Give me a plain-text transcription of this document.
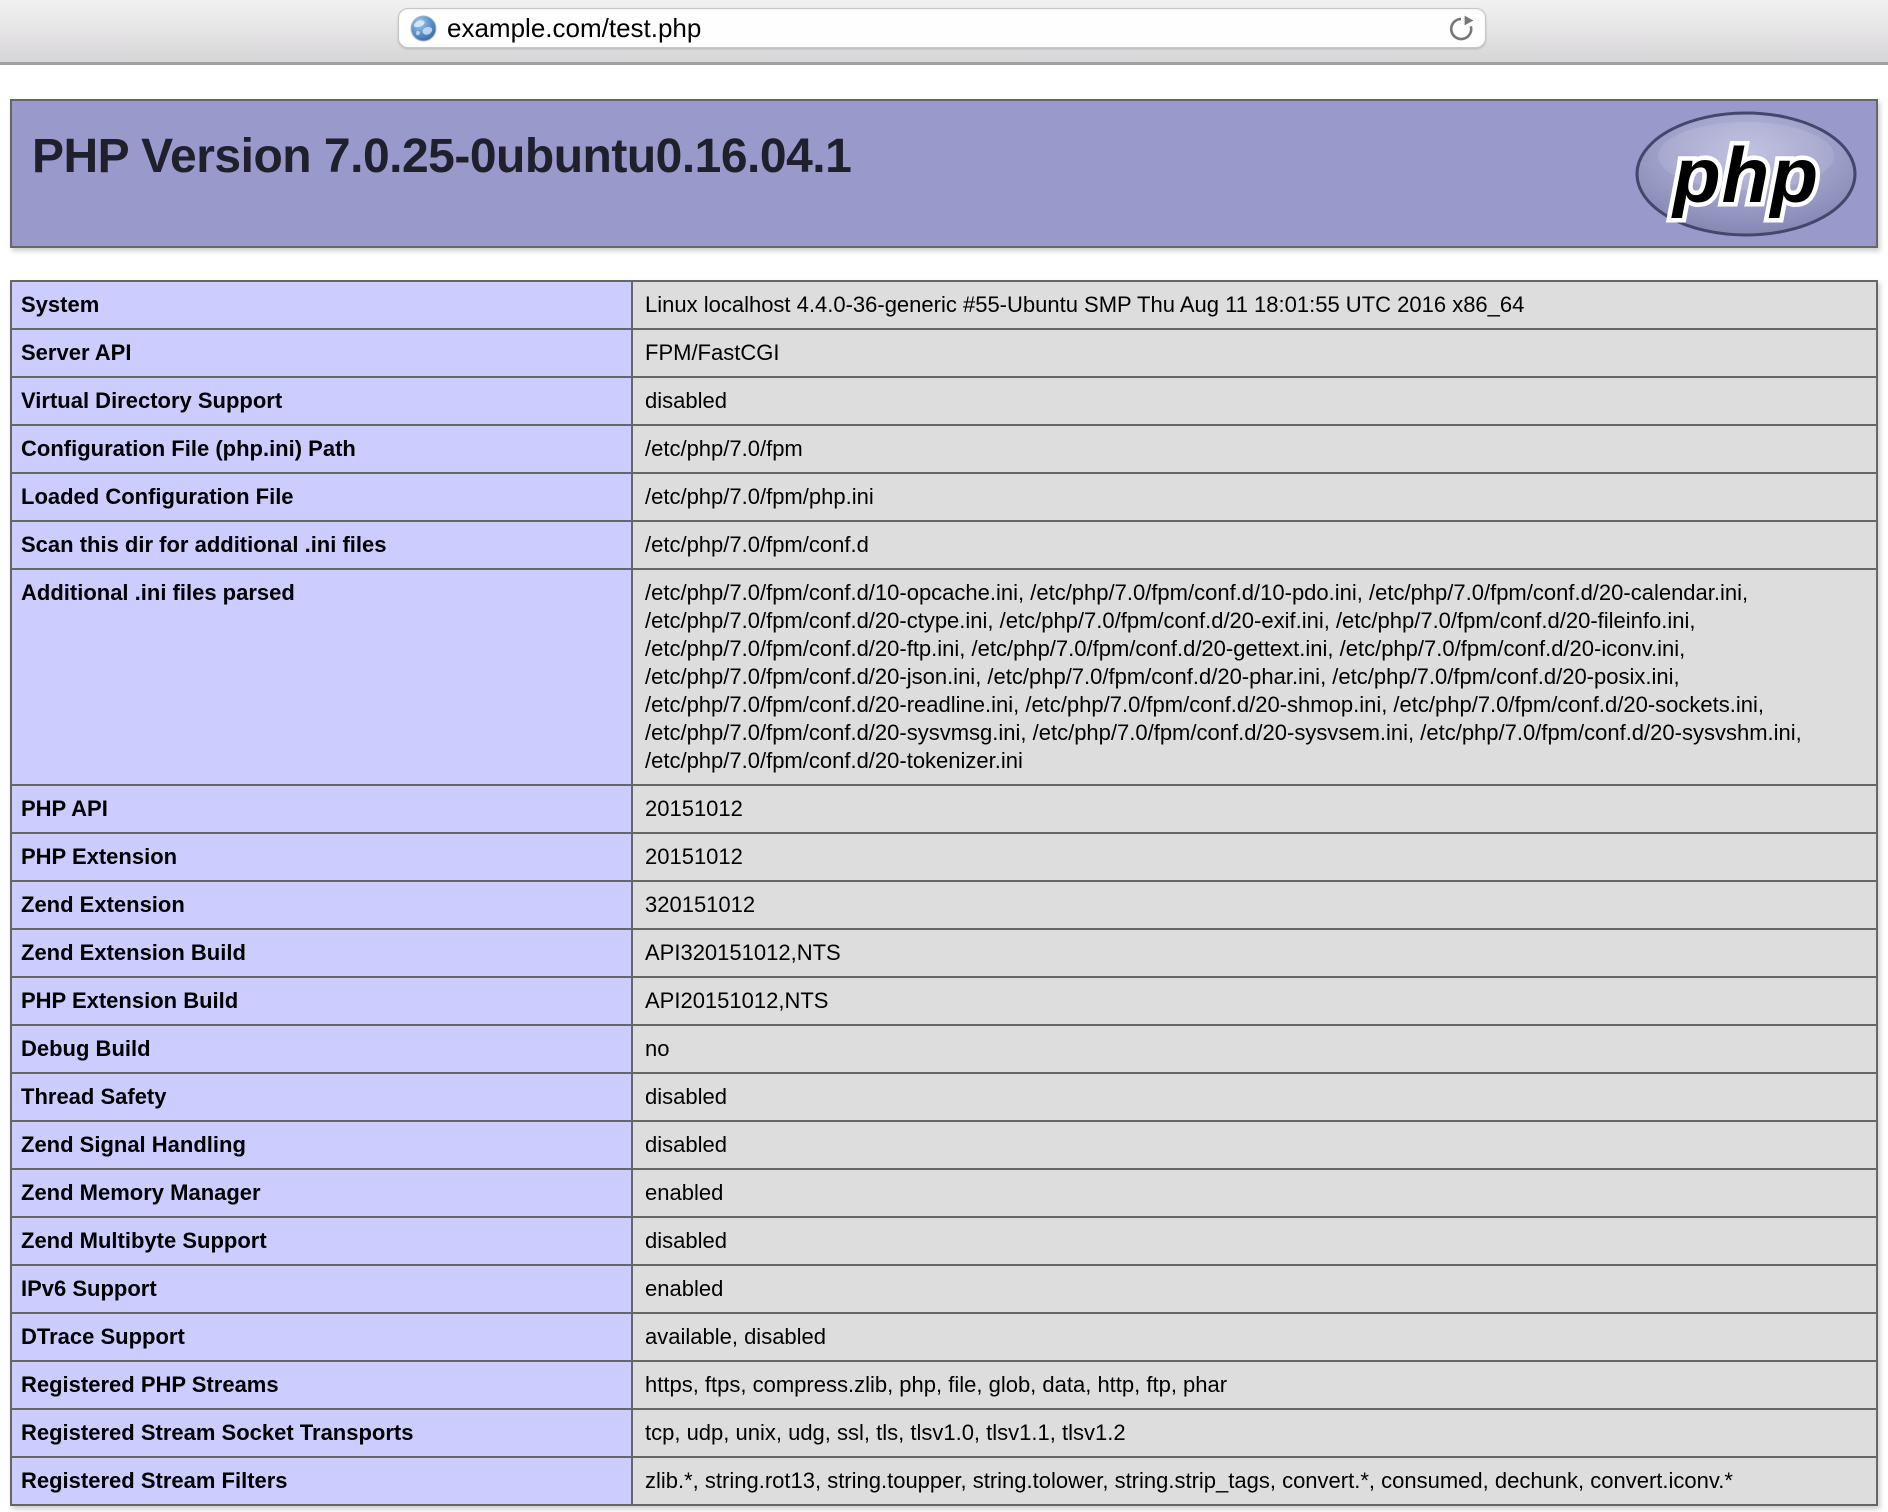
example.com/test.php
PHP Version 7.0.25-0ubuntu0.16.04.1	php
System	Linux localhost 4.4.0-36-generic #55-Ubuntu SMP Thu Aug 11 18:01:55 UTC 2016 x86_64
Server API	FPM/FastCGI
Virtual Directory Support	disabled
Configuration File (php.ini) Path	/etc/php/7.0/fpm
Loaded Configuration File	/etc/php/7.0/fpm/php.ini
Scan this dir for additional .ini files	/etc/php/7.0/fpm/conf.d
Additional .ini files parsed	/etc/php/7.0/fpm/conf.d/10-opcache.ini, /etc/php/7.0/fpm/conf.d/10-pdo.ini, /etc/php/7.0/fpm/conf.d/20-calendar.ini, /etc/php/7.0/fpm/conf.d/20-ctype.ini, /etc/php/7.0/fpm/conf.d/20-exif.ini, /etc/php/7.0/fpm/conf.d/20-fileinfo.ini, /etc/php/7.0/fpm/conf.d/20-ftp.ini, /etc/php/7.0/fpm/conf.d/20-gettext.ini, /etc/php/7.0/fpm/conf.d/20-iconv.ini, /etc/php/7.0/fpm/conf.d/20-json.ini, /etc/php/7.0/fpm/conf.d/20-phar.ini, /etc/php/7.0/fpm/conf.d/20-posix.ini, /etc/php/7.0/fpm/conf.d/20-readline.ini, /etc/php/7.0/fpm/conf.d/20-shmop.ini, /etc/php/7.0/fpm/conf.d/20-sockets.ini, /etc/php/7.0/fpm/conf.d/20-sysvmsg.ini, /etc/php/7.0/fpm/conf.d/20-sysvsem.ini, /etc/php/7.0/fpm/conf.d/20-sysvshm.ini, /etc/php/7.0/fpm/conf.d/20-tokenizer.ini
PHP API	20151012
PHP Extension	20151012
Zend Extension	320151012
Zend Extension Build	API320151012,NTS
PHP Extension Build	API20151012,NTS
Debug Build	no
Thread Safety	disabled
Zend Signal Handling	disabled
Zend Memory Manager	enabled
Zend Multibyte Support	disabled
IPv6 Support	enabled
DTrace Support	available, disabled
Registered PHP Streams	https, ftps, compress.zlib, php, file, glob, data, http, ftp, phar
Registered Stream Socket Transports	tcp, udp, unix, udg, ssl, tls, tlsv1.0, tlsv1.1, tlsv1.2
Registered Stream Filters	zlib.*, string.rot13, string.toupper, string.tolower, string.strip_tags, convert.*, consumed, dechunk, convert.iconv.*
